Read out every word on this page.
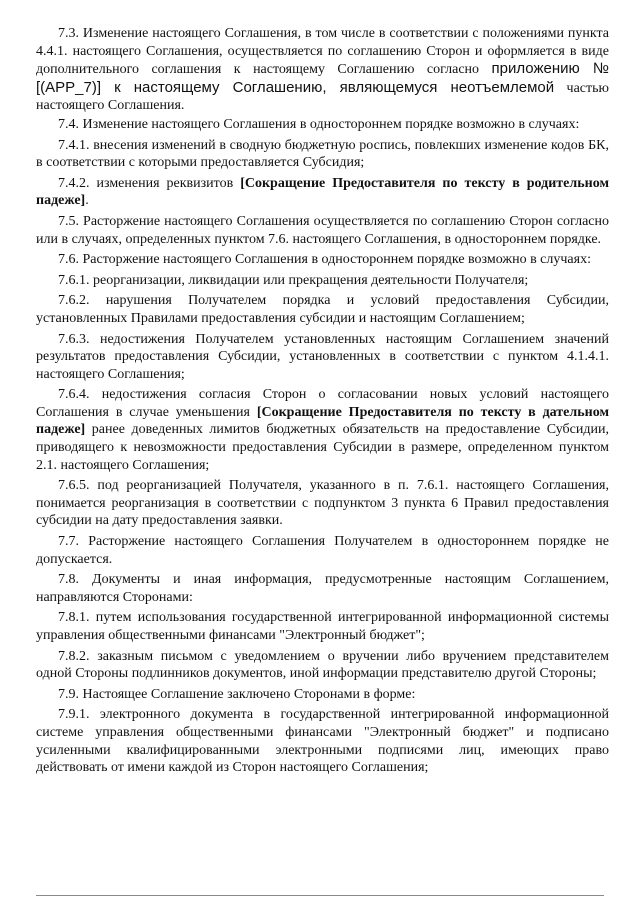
7.3. Изменение настоящего Соглашения, в том числе в соответствии с положениями пункта 4.4.1. настоящего Соглашения, осуществляется по соглашению Сторон и оформляется в виде дополнительного соглашения к настоящему Соглашению согласно приложению № [(APP_7)] к настоящему Соглашению, являющемуся неотъемлемой частью настоящего Соглашения.

7.4. Изменение настоящего Соглашения в одностороннем порядке возможно в случаях:

7.4.1. внесения изменений в сводную бюджетную роспись, повлекших изменение кодов БК, в соответствии с которыми предоставляется Субсидия;

7.4.2. изменения реквизитов [Сокращение Предоставителя по тексту в родительном падеже].

7.5. Расторжение настоящего Соглашения осуществляется по соглашению Сторон согласно или в случаях, определенных пунктом 7.6. настоящего Соглашения, в одностороннем порядке.

7.6. Расторжение настоящего Соглашения в одностороннем порядке возможно в случаях:

7.6.1. реорганизации, ликвидации или прекращения деятельности Получателя;

7.6.2. нарушения Получателем порядка и условий предоставления Субсидии, установленных Правилами предоставления субсидии и настоящим Соглашением;

7.6.3. недостижения Получателем установленных настоящим Соглашением значений результатов предоставления Субсидии, установленных в соответствии с пунктом 4.1.4.1. настоящего Соглашения;

7.6.4. недостижения согласия Сторон о согласовании новых условий настоящего Соглашения в случае уменьшения [Сокращение Предоставителя по тексту в дательном падеже] ранее доведенных лимитов бюджетных обязательств на предоставление Субсидии, приводящего к невозможности предоставления Субсидии в размере, определенном пунктом 2.1. настоящего Соглашения;

7.6.5. под реорганизацией Получателя, указанного в п. 7.6.1. настоящего Соглашения, понимается реорганизация в соответствии с подпунктом 3 пункта 6 Правил предоставления субсидии на дату предоставления заявки.

7.7. Расторжение настоящего Соглашения Получателем в одностороннем порядке не допускается.

7.8. Документы и иная информация, предусмотренные настоящим Соглашением, направляются Сторонами:

7.8.1. путем использования государственной интегрированной информационной системы управления общественными финансами "Электронный бюджет";

7.8.2. заказным письмом с уведомлением о вручении либо вручением представителем одной Стороны подлинников документов, иной информации представителю другой Стороны;

7.9. Настоящее Соглашение заключено Сторонами в форме:

7.9.1. электронного документа в государственной интегрированной информационной системе управления общественными финансами "Электронный бюджет" и подписано усиленными квалифицированными электронными подписями лиц, имеющих право действовать от имени каждой из Сторон настоящего Соглашения;
